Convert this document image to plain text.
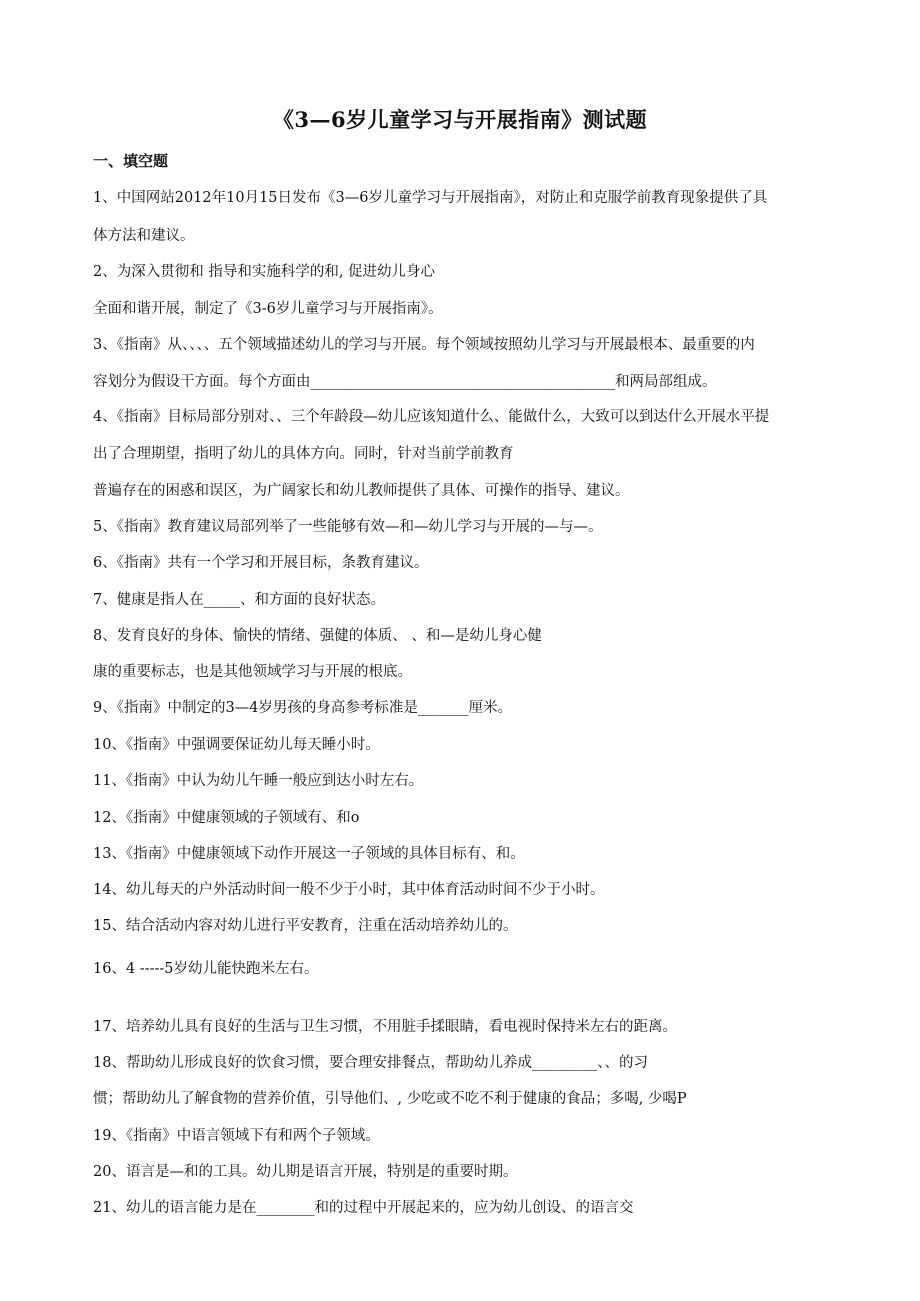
《3—6岁儿童学习与开展指南》测试题
一、填空题
1、中国网站2012年10月15日发布《3—6岁儿童学习与开展指南》，对防止和克服学前教育现象提供了具
体方法和建议。
2、为深入贯彻和 指导和实施科学的和, 促进幼儿身心
全面和谐开展，制定了《3-6岁儿童学习与开展指南》。
3、《指南》从、、、、五个领域描述幼儿的学习与开展。每个领域按照幼儿学习与开展最根本、最重要的内
容划分为假设干方面。每个方面由__________________________________________和两局部组成。
4、《指南》目标局部分别对、、三个年龄段—幼儿应该知道什么、能做什么，大致可以到达什么开展水平提
出了合理期望，指明了幼儿的具体方向。同时，针对当前学前教育
普遍存在的困惑和误区，为广阔家长和幼儿教师提供了具体、可操作的指导、建议。
5、《指南》教育建议局部列举了一些能够有效—和—幼儿学习与开展的—与—。
6、《指南》共有一个学习和开展目标，条教育建议。
7、健康是指人在_____、和方面的良好状态。
8、发育良好的身体、愉快的情绪、强健的体质、 、和—是幼儿身心健
康的重要标志，也是其他领域学习与开展的根底。
9、《指南》中制定的3—4岁男孩的身高参考标准是_______厘米。
10、《指南》中强调要保证幼儿每天睡小时。
11、《指南》中认为幼儿午睡一般应到达小时左右。
12、《指南》中健康领域的子领域有、和o
13、《指南》中健康领域下动作开展这一子领域的具体目标有、和。
14、幼儿每天的户外活动时间一般不少于小时，其中体育活动时间不少于小时。
15、结合活动内容对幼儿进行平安教育，注重在活动培养幼儿的。
16、4 -----5岁幼儿能快跑米左右。
17、培养幼儿具有良好的生活与卫生习惯，不用脏手揉眼睛，看电视时保持米左右的距离。
18、帮助幼儿形成良好的饮食习惯，要合理安排餐点，帮助幼儿养成_________、、的习
惯；帮助幼儿了解食物的营养价值，引导他们、, 少吃或不吃不利于健康的食品；多喝, 少喝P
19、《指南》中语言领域下有和两个子领域。
20、语言是—和的工具。幼儿期是语言开展，特别是的重要时期。
21、幼儿的语言能力是在________和的过程中开展起来的，应为幼儿创设、的语言交
